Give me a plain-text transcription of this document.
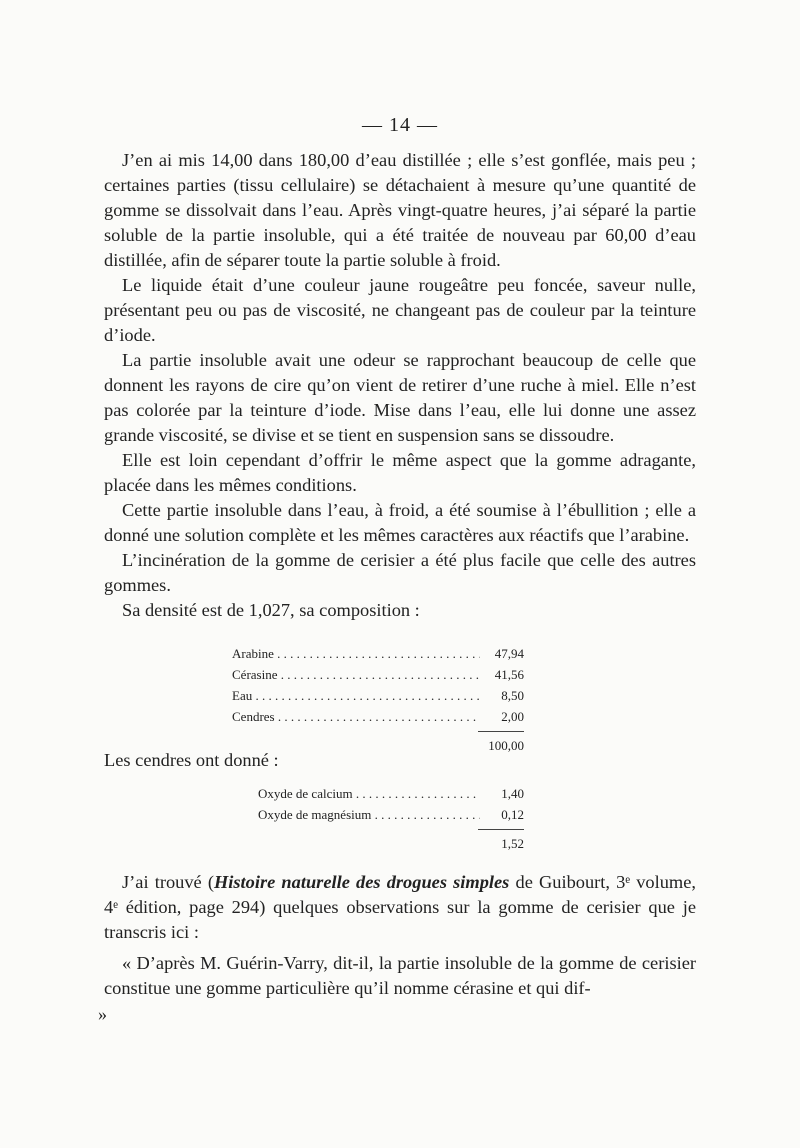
— 14 —

J’en ai mis 14,00 dans 180,00 d’eau distillée ; elle s’est gonflée, mais peu ; certaines parties (tissu cellulaire) se détachaient à mesure qu’une quantité de gomme se dissolvait dans l’eau. Après vingt-quatre heures, j’ai séparé la partie soluble de la partie insoluble, qui a été traitée de nouveau par 60,00 d’eau distillée, afin de séparer toute la partie soluble à froid.

Le liquide était d’une couleur jaune rougeâtre peu foncée, saveur nulle, présentant peu ou pas de viscosité, ne changeant pas de couleur par la teinture d’iode.

La partie insoluble avait une odeur se rapprochant beaucoup de celle que donnent les rayons de cire qu’on vient de retirer d’une ruche à miel. Elle n’est pas colorée par la teinture d’iode. Mise dans l’eau, elle lui donne une assez grande viscosité, se divise et se tient en suspension sans se dissoudre.

Elle est loin cependant d’offrir le même aspect que la gomme adragante, placée dans les mêmes conditions.

Cette partie insoluble dans l’eau, à froid, a été soumise à l’ébullition ; elle a donné une solution complète et les mêmes caractères aux réactifs que l’arabine.

L’incinération de la gomme de cerisier a été plus facile que celle des autres gommes.

Sa densité est de 1,027, sa composition :

Arabine . . .	47,94
Cérasine . . .	41,56
Eau . . .	8,50
Cendres . . .	2,00
100,00
Les cendres ont donné :
Oxyde de calcium . . .	1,40
Oxyde de magnésium . . .	0,12
1,52

J’ai trouvé (Histoire naturelle des drogues simples de Guibourt, 3ᵉ volume, 4ᵉ édition, page 294) quelques observations sur la gomme de cerisier que je transcris ici :

« D’après M. Guérin-Varry, dit-il, la partie insoluble de la gomme de cerisier constitue une gomme particulière qu’il nomme cérasine et qui dif-

»
